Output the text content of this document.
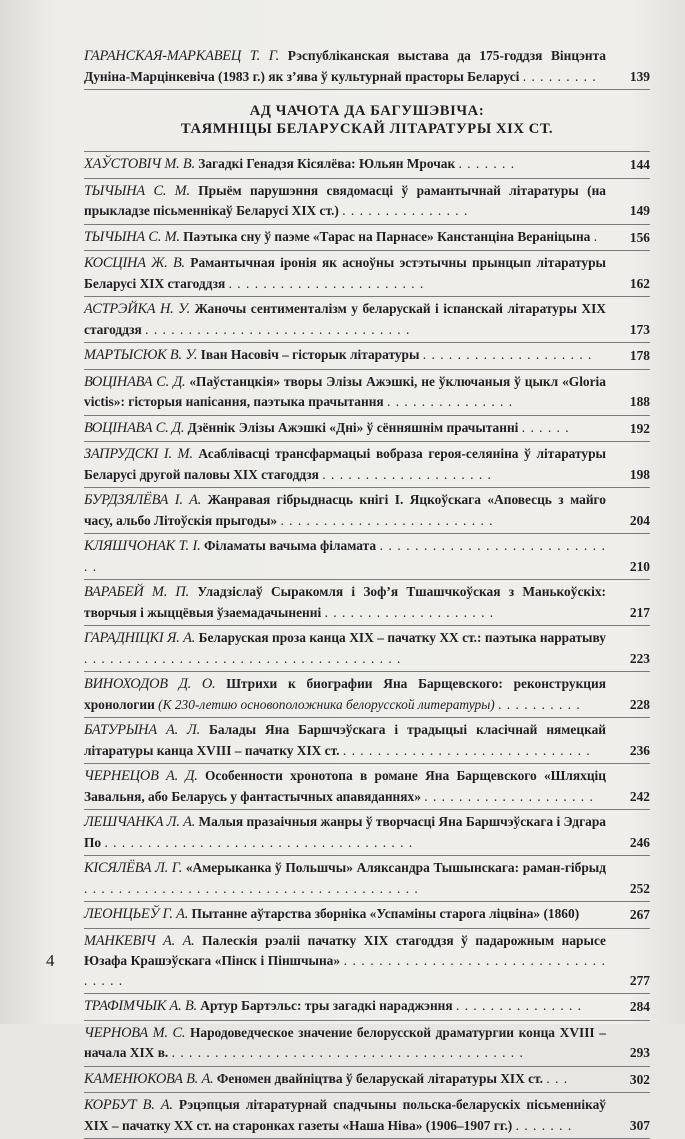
ГАРАНСКАЯ-МАРКАВЕЦ Т. Г. Рэспубліканская выстава да 175-годдзя Вінцэнта Дуніна-Марцінкевіча (1983 г.) як з’ява ў культурнай прасторы Беларусі . . . . . . . . .	139
АД ЧАЧОТА ДА БАГУШЭВІЧА:
ТАЯМНІЦЫ БЕЛАРУСКАЙ ЛІТАРАТУРЫ XIX СТ.
ХАЎСТОВІЧ М. В. Загадкі Генадзя Кісялёва: Юльян Мрочак . . . . . . .	144
ТЫЧЫНА С. М. Прыём парушэння свядомасці ў рамантычнай літаратуры (на прыкладзе пісьменнікаў Беларусі XIX ст.) . . . . . . . . . . . . . . .	149
ТЫЧЫНА С. М. Паэтыка сну ў паэме «Тарас на Парнасе» Канстанціна Вераніцына .	156
КОСЦІНА Ж. В. Рамантычная іронія як асноўны эстэтычны прынцып літаратуры Беларусі XIX стагоддзя . . . . . . . . . . . . . . . . . . . . . . .	162
АСТРЭЙКА Н. У. Жаночы сентименталізм у беларускай і іспанскай літаратуры XIX стагоддзя . . . . . . . . . . . . . . . . . . . . . . . . . . . . . . .	173
МАРТЫСЮК В. У. Іван Насовіч – гісторык літаратуры . . . . . . . . . . . . . . . . . . . .	178
ВОЦІНАВА С. Д. «Паўстанцкія» творы Элізы Ажэшкі, не ўключаныя ў цыкл «Gloria victis»: гісторыя напісання, паэтыка прачытання . . . . . . . . . . . . . . .	188
ВОЦІНАВА С. Д. Дзённік Элізы Ажэшкі «Дні» ў сённяшнім прачытанні . . . . . .	192
ЗАПРУДСКІ І. М. Асаблівасці трансфармацыі вобраза героя-селяніна ў літаратуры Беларусі другой паловы XIX стагоддзя . . . . . . . . . . . . . . . . . . . .	198
БУРДЗЯЛЁВА І. А. Жанравая гібрыднасць кнігі І. Яцкоўскага «Аповесць з майго часу, альбо Літоўскія прыгоды» . . . . . . . . . . . . . . . . . . . . . . . . .	204
КЛЯШЧОНАК Т. І. Філаматы вачыма філамата . . . . . . . . . . . . . . . . . . . . . . . . . . . .	210
ВАРАБЕЙ М. П. Уладзіслаў Сыракомля і Зоф’я Тшашчкоўская з Манькоўскіх: творчыя і жыццёвыя ўзаемадачыненні . . . . . . . . . . . . . . . . . . . .	217
ГАРАДНІЦКІ Я. А. Беларуская проза канца XIX – пачатку XX ст.: паэтыка нарратыву . . . . . . . . . . . . . . . . . . . . . . . . . . . . . . . . . . . . .	223
ВИНОХОДОВ Д. О. Штрихи к биографии Яна Барщевского: реконструкция хронологии (К 230-летию основоположника белорусской литературы) . . . . . . . . . .	228
БАТУРЫНА А. Л. Балады Яна Баршчэўскага і традыцыі класічнай нямецкай літаратуры канца XVIII – пачатку XIX ст. . . . . . . . . . . . . . . . . . . . . . . . . . . . . .	236
ЧЕРНЕЦОВ А. Д. Особенности хронотопа в романе Яна Барщевского «Шляхціц Завальня, або Беларусь у фантастычных апавяданнях» . . . . . . . . . . . . . . . . . . . .	242
ЛЕШЧАНКА Л. А. Малыя празаічныя жанры ў творчасці Яна Баршчэўскага і Эдгара По . . . . . . . . . . . . . . . . . . . . . . . . . . . . . . . . . . . .	246
КІСЯЛЁВА Л. Г. «Амерыканка ў Польшчы» Аляксандра Тышынскага: раман-гібрыд . . . . . . . . . . . . . . . . . . . . . . . . . . . . . . . . . . . . . . .	252
ЛЕОНЦЬЕЎ Г. А. Пытанне аўтарства зборніка «Успаміны старога ліцвіна» (1860)	267
МАНКЕВІЧ А. А. Палескія рэаліі пачатку XIX стагоддзя ў падарожным нарысе Юзафа Крашэўскага «Пінск і Піншчына» . . . . . . . . . . . . . . . . . . . . . . . . . . . . . . . . . . .	277
ТРАФІМЧЫК А. В. Артур Бартэльс: тры загадкі нараджэння . . . . . . . . . . . . . . .	284
ЧЕРНОВА М. С. Народоведческое значение белорусской драматургии конца XVIII – начала XIX в. . . . . . . . . . . . . . . . . . . . . . . . . . . . . . . . . . . . . . . . . .	293
КАМЕНЮКОВА В. А. Феномен двайніцтва ў беларускай літаратуры XIX ст. . . .	302
КОРБУТ В. А. Рэцэпцыя літаратурнай спадчыны польска-беларускіх пісьменнікаў XIX – пачатку XX ст. на старонках газеты «Наша Ніва» (1906–1907 гг.) . . . . . . .	307
4
